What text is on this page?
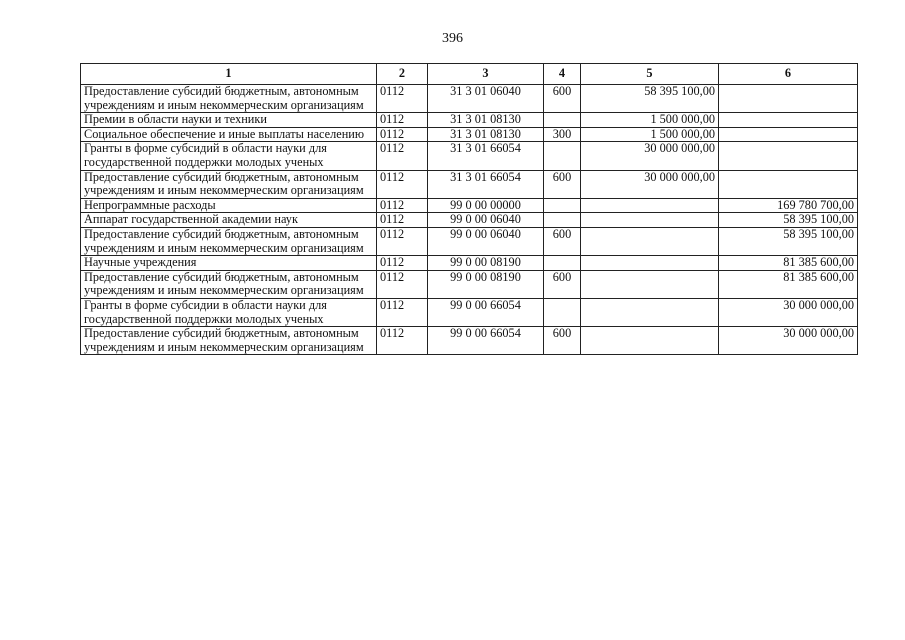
396
1	2	3	4	5	6
Предоставление субсидий бюджетным, автономным учреждениям и иным некоммерческим организациям	0112	31 3 01 06040	600	58 395 100,00	
Премии в области науки и техники	0112	31 3 01 08130		1 500 000,00	
Социальное обеспечение и иные выплаты населению	0112	31 3 01 08130	300	1 500 000,00	
Гранты в форме субсидий в области науки для государственной поддержки молодых ученых	0112	31 3 01 66054		30 000 000,00	
Предоставление субсидий бюджетным, автономным учреждениям и иным некоммерческим организациям	0112	31 3 01 66054	600	30 000 000,00	
Непрограммные расходы	0112	99 0 00 00000			169 780 700,00
Аппарат государственной академии наук	0112	99 0 00 06040			58 395 100,00
Предоставление субсидий бюджетным, автономным учреждениям и иным некоммерческим организациям	0112	99 0 00 06040	600		58 395 100,00
Научные учреждения	0112	99 0 00 08190			81 385 600,00
Предоставление субсидий бюджетным, автономным учреждениям и иным некоммерческим организациям	0112	99 0 00 08190	600		81 385 600,00
Гранты в форме субсидии в области науки для государственной поддержки молодых ученых	0112	99 0 00 66054			30 000 000,00
Предоставление субсидий бюджетным, автономным учреждениям и иным некоммерческим организациям	0112	99 0 00 66054	600		30 000 000,00
